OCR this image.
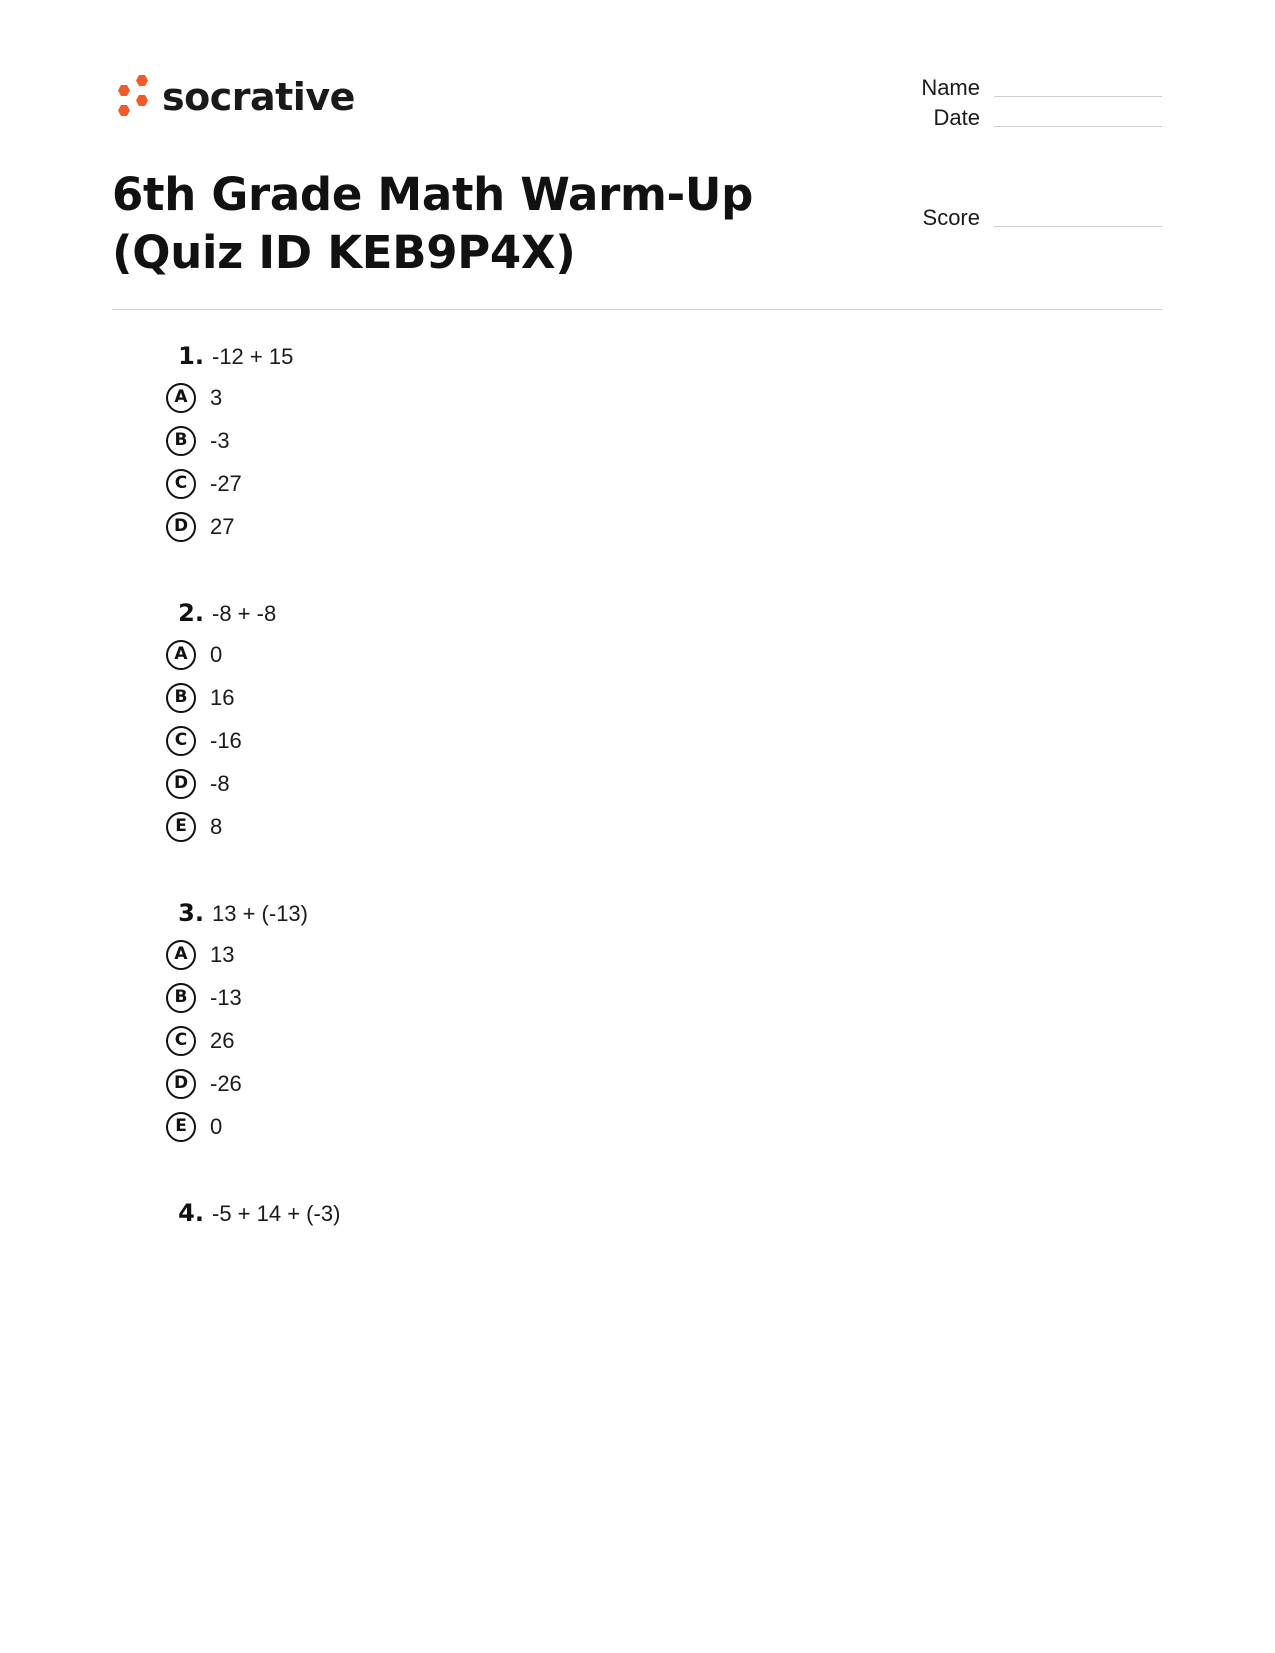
socrative	Name
Date
Score
6th Grade Math Warm-Up (Quiz ID KEB9P4X)
1. -12 + 15
A	3
B	-3
C	-27
D 27
2. -8 + -8
A	0
B	16
C	-16
D -8
E	8
3. 13 + (-13)
A	13
B	-13
C	26
D -26
E	0
4. -5 + 14 + (-3)
